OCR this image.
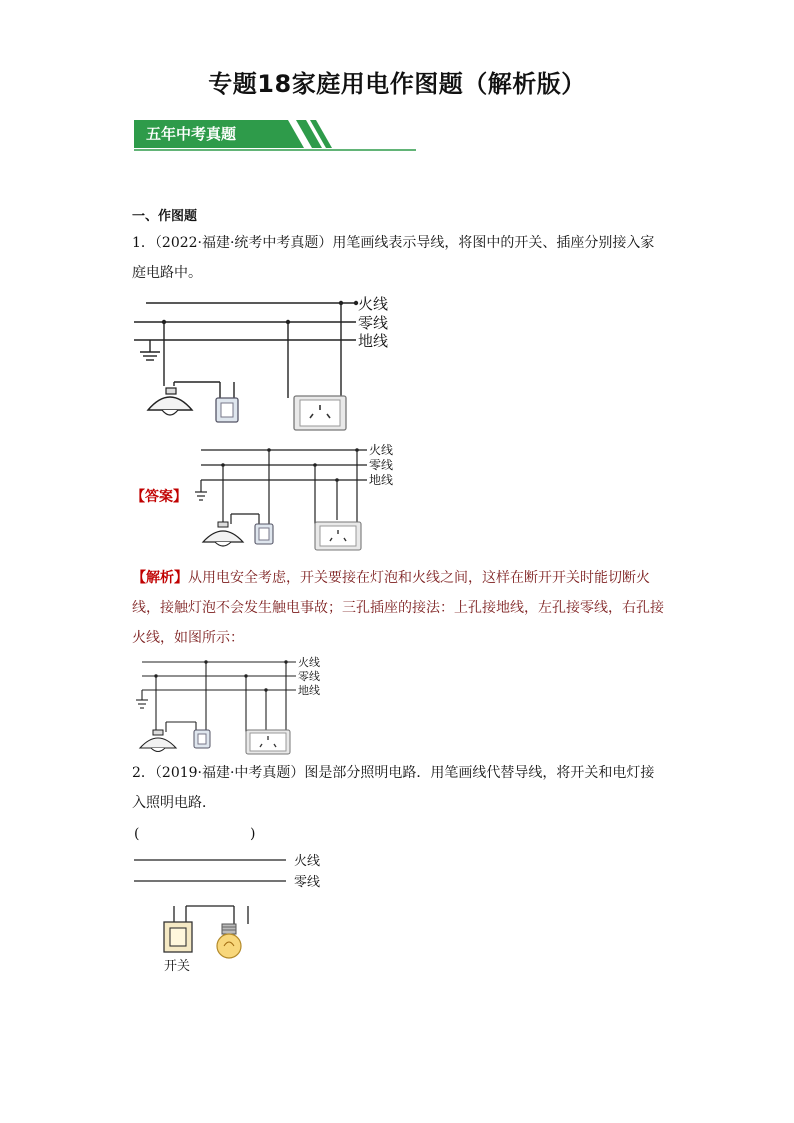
专题18家庭用电作图题（解析版）
五年中考真题
一、作图题
1．（2022·福建·统考中考真题）用笔画线表示导线，将图中的开关、插座分别接入家庭电路中。
火线
零线
地线
【答案】
火线
零线
地线
【解析】从用电安全考虑，开关要接在灯泡和火线之间，这样在断开开关时能切断火线，接触灯泡不会发生触电事故；三孔插座的接法：上孔接地线，左孔接零线，右孔接火线，如图所示：
火线
零线
地线
2．（2019·福建·中考真题）图是部分照明电路．用笔画线代替导线，将开关和电灯接入照明电路．
(	)
火线
零线
开关
